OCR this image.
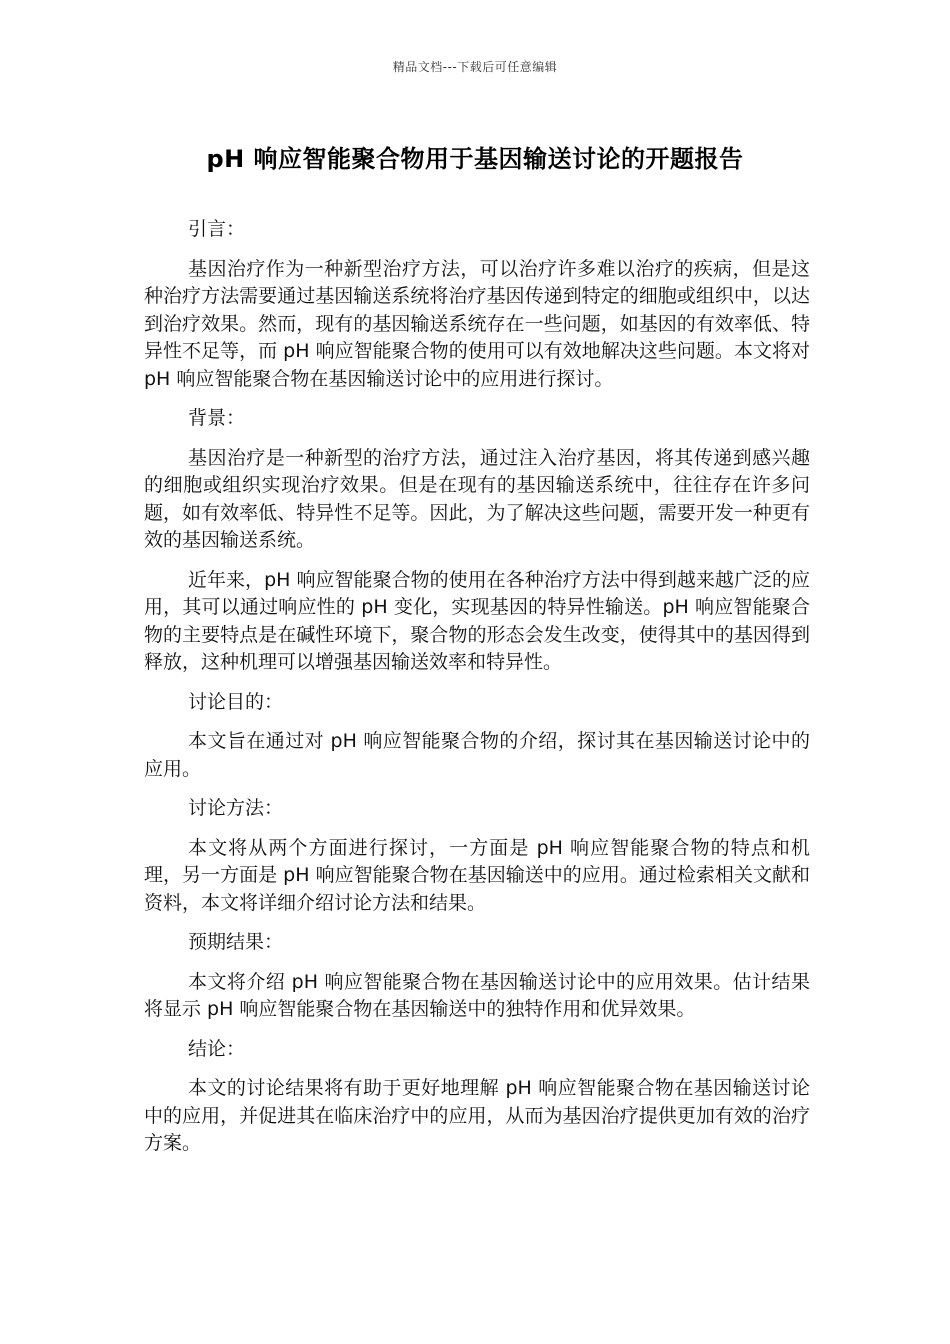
精品文档---下载后可任意编辑
pH 响应智能聚合物用于基因输送讨论的开题报告

引言：

基因治疗作为一种新型治疗方法，可以治疗许多难以治疗的疾病，但是这种治疗方法需要通过基因输送系统将治疗基因传递到特定的细胞或组织中，以达到治疗效果。然而，现有的基因输送系统存在一些问题，如基因的有效率低、特异性不足等，而 pH 响应智能聚合物的使用可以有效地解决这些问题。本文将对 pH 响应智能聚合物在基因输送讨论中的应用进行探讨。

背景：

基因治疗是一种新型的治疗方法，通过注入治疗基因，将其传递到感兴趣的细胞或组织实现治疗效果。但是在现有的基因输送系统中，往往存在许多问题，如有效率低、特异性不足等。因此，为了解决这些问题，需要开发一种更有效的基因输送系统。

近年来，pH 响应智能聚合物的使用在各种治疗方法中得到越来越广泛的应用，其可以通过响应性的 pH 变化，实现基因的特异性输送。pH 响应智能聚合物的主要特点是在碱性环境下，聚合物的形态会发生改变，使得其中的基因得到释放，这种机理可以增强基因输送效率和特异性。

讨论目的：

本文旨在通过对 pH 响应智能聚合物的介绍，探讨其在基因输送讨论中的应用。

讨论方法：

本文将从两个方面进行探讨，一方面是 pH 响应智能聚合物的特点和机理，另一方面是 pH 响应智能聚合物在基因输送中的应用。通过检索相关文献和资料，本文将详细介绍讨论方法和结果。

预期结果：

本文将介绍 pH 响应智能聚合物在基因输送讨论中的应用效果。估计结果将显示 pH 响应智能聚合物在基因输送中的独特作用和优异效果。

结论：

本文的讨论结果将有助于更好地理解 pH 响应智能聚合物在基因输送讨论中的应用，并促进其在临床治疗中的应用，从而为基因治疗提供更加有效的治疗方案。
